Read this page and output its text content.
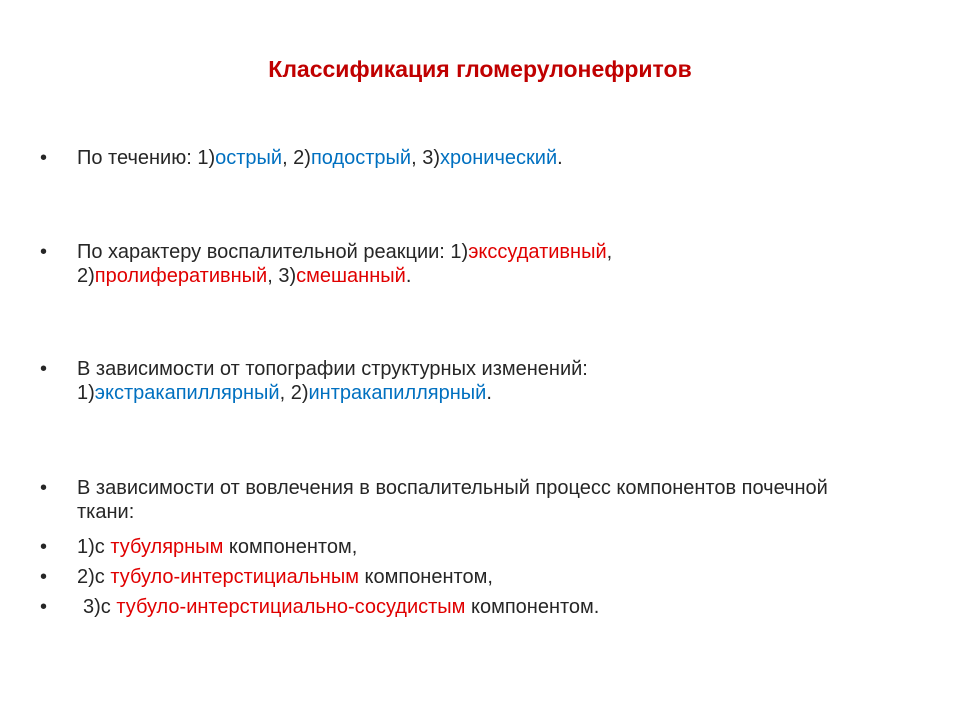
Классификация гломерулонефритов
• По течению: 1)острый, 2)подострый, 3)хронический.
• По характеру воспалительной реакции: 1)экссудативный,
2)пролиферативный, 3)смешанный.
• В зависимости от топографии структурных изменений:
1)экстракапиллярный, 2)интракапиллярный.
• В зависимости от вовлечения в воспалительный процесс компонентов почечной ткани:
• 1)с тубулярным компонентом,
• 2)с тубуло-интерстициальным компонентом,
• 3)с тубуло-интерстициально-сосудистым компонентом.
